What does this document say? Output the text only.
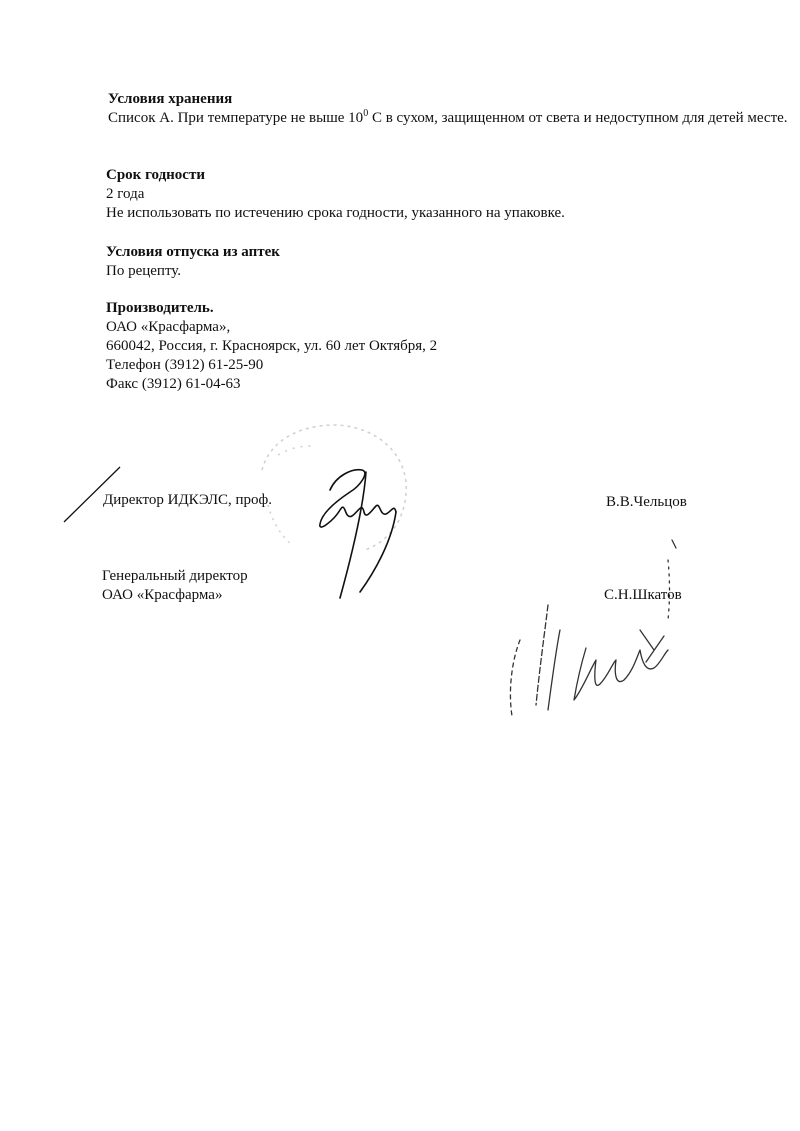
Условия хранения
Список А. При температуре не выше $10^0$ С в сухом, защищенном от света и недоступном для детей месте.
Срок годности
2 года
Не использовать по истечению срока годности, указанного на упаковке.
Условия отпуска из аптек
По рецепту.
Производитель.
ОАО «Красфарма»,
660042, Россия, г. Красноярск, ул. 60 лет Октября, 2
Телефон (3912) 61-25-90
Факс (3912) 61-04-63
Директор ИДКЭЛС, проф.	В.В.Чельцов
Генеральный директор
ОАО «Красфарма»	С.Н.Шкатов
